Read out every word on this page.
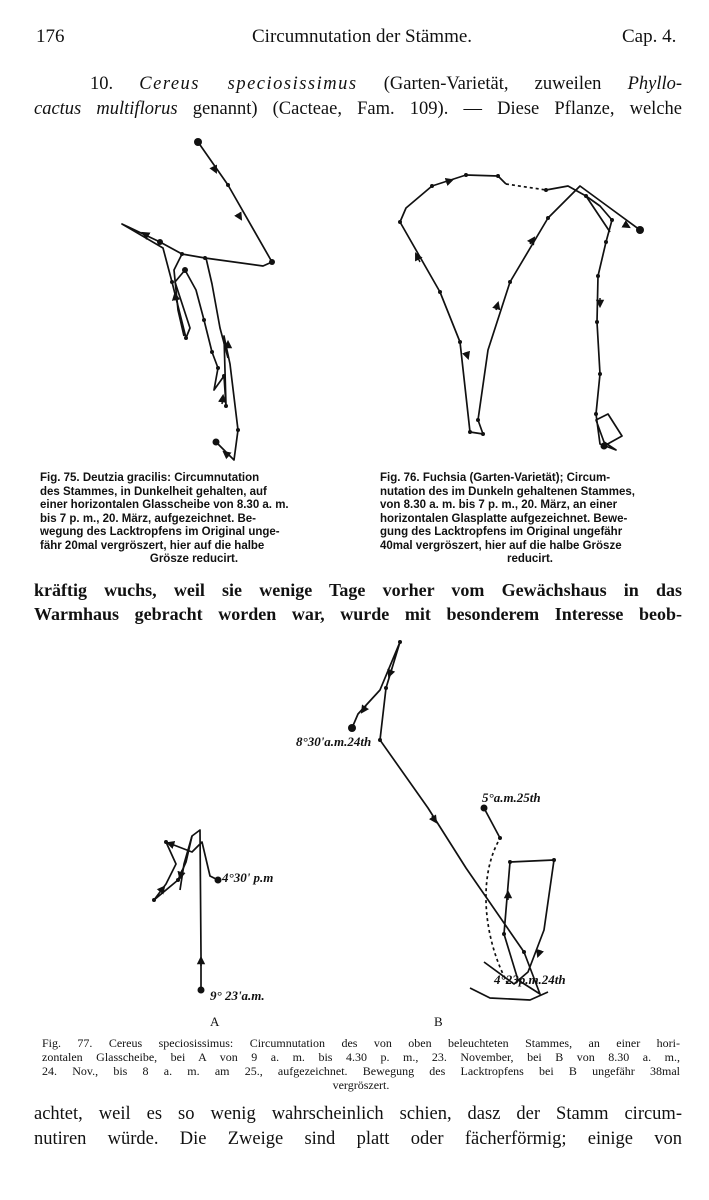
176	Circumnutation der Stämme.	Cap. 4.
10. Cereus speciosissimus (Garten-Varietät, zuweilen Phyllo-
cactus multiflorus genannt) (Cacteae, Fam. 109). — Diese Pflanze, welche
Fig. 75. Deutzia gracilis: Circumnutation
des Stammes, in Dunkelheit gehalten, auf
einer horizontalen Glasscheibe von 8.30 a. m.
bis 7 p. m., 20. März, aufgezeichnet. Be-
wegung des Lacktropfens im Original unge-
fähr 20mal vergröszert, hier auf die halbe
Grösze reducirt.
Fig. 76. Fuchsia (Garten-Varietät); Circum-
nutation des im Dunkeln gehaltenen Stammes,
von 8.30 a. m. bis 7 p. m., 20. März, an einer
horizontalen Glasplatte aufgezeichnet. Bewe-
gung des Lacktropfens im Original ungefähr
40mal vergröszert, hier auf die halbe Grösze
reducirt.
kräftig wuchs, weil sie wenige Tage vorher vom Gewächshaus in das
Warmhaus gebracht worden war, wurde mit besonderem Interesse beob-
4°30' p.m
9° 23'a.m.
8°30'a.m.24th
5°a.m.25th
4°23p.m.24th
A	B
Fig. 77. Cereus speciosissimus: Circumnutation des von oben beleuchteten Stammes, an einer hori-
zontalen Glasscheibe, bei A von 9 a. m. bis 4.30 p. m., 23. November, bei B von 8.30 a. m.,
24. Nov., bis 8 a. m. am 25., aufgezeichnet. Bewegung des Lacktropfens bei B ungefähr 38mal
vergröszert.
achtet, weil es so wenig wahrscheinlich schien, dasz der Stamm circum-
nutiren würde. Die Zweige sind platt oder fächerförmig; einige von
